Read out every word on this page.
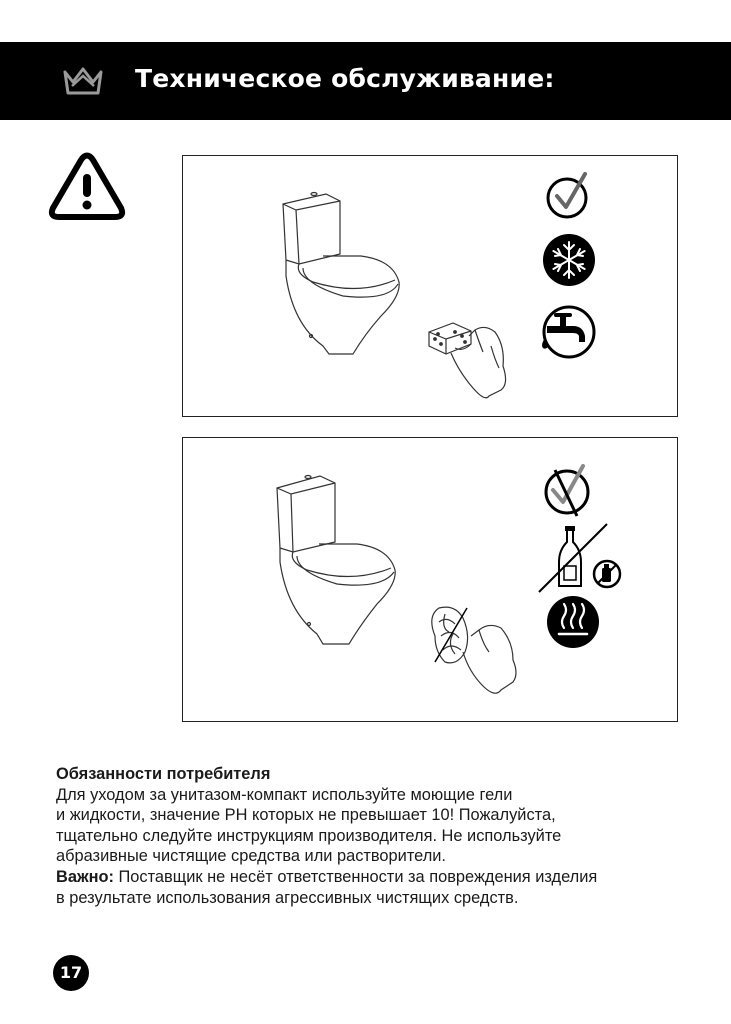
Техническое обслуживание:

Обязанности потребителя

Для уходом за унитазом-компакт используйте моющие гели

и жидкости, значение PH которых не превышает 10! Пожалуйста,

тщательно следуйте инструкциям производителя. Не используйте

абразивные чистящие средства или растворители.

Важно: Поставщик не несёт ответственности за повреждения изделия

в результате использования агрессивных чистящих средств.

17
